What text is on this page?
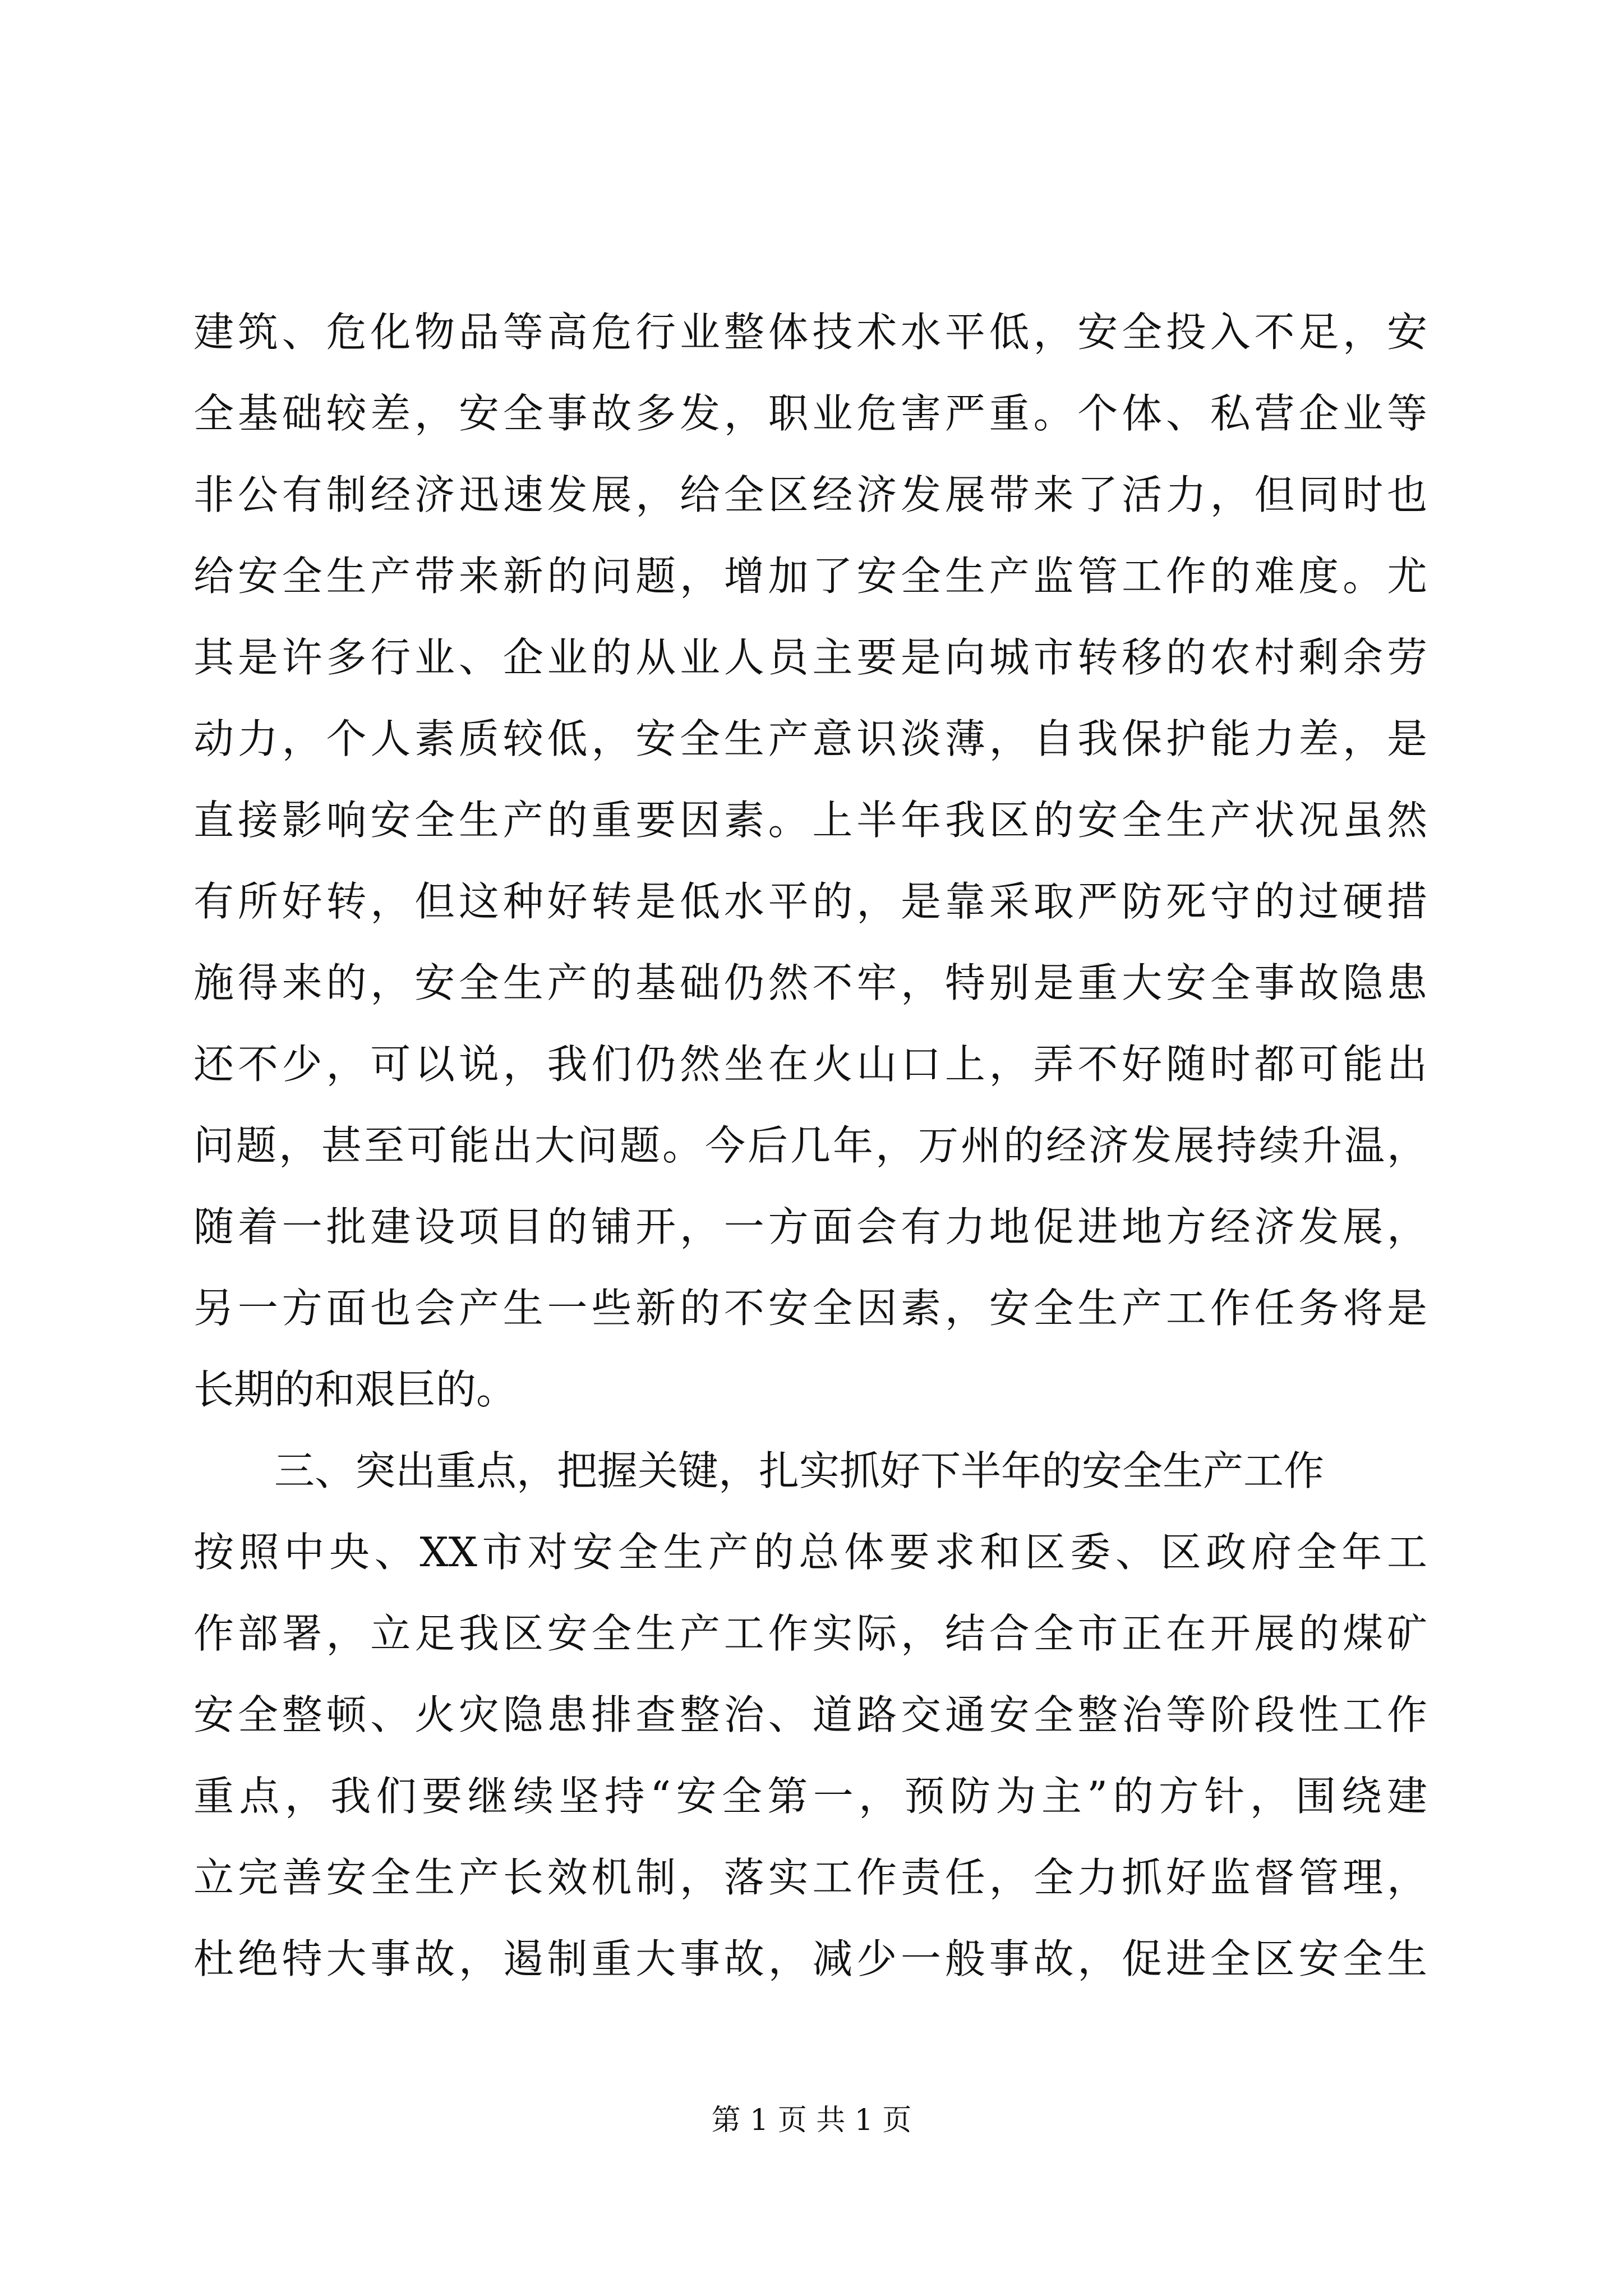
建筑、危化物品等高危行业整体技术水平低，安全投入不足，安
全基础较差，安全事故多发，职业危害严重。个体、私营企业等
非公有制经济迅速发展，给全区经济发展带来了活力，但同时也
给安全生产带来新的问题，增加了安全生产监管工作的难度。尤
其是许多行业、企业的从业人员主要是向城市转移的农村剩余劳
动力，个人素质较低，安全生产意识淡薄，自我保护能力差，是
直接影响安全生产的重要因素。上半年我区的安全生产状况虽然
有所好转，但这种好转是低水平的，是靠采取严防死守的过硬措
施得来的，安全生产的基础仍然不牢，特别是重大安全事故隐患
还不少，可以说，我们仍然坐在火山口上，弄不好随时都可能出
问题，甚至可能出大问题。今后几年，万州的经济发展持续升温，
随着一批建设项目的铺开，一方面会有力地促进地方经济发展，
另一方面也会产生一些新的不安全因素，安全生产工作任务将是
长期的和艰巨的。
三、突出重点，把握关键，扎实抓好下半年的安全生产工作
按照中央、XX市对安全生产的总体要求和区委、区政府全年工
作部署，立足我区安全生产工作实际，结合全市正在开展的煤矿
安全整顿、火灾隐患排查整治、道路交通安全整治等阶段性工作
重点，我们要继续坚持“安全第一，预防为主”的方针，围绕建
立完善安全生产长效机制，落实工作责任，全力抓好监督管理，
杜绝特大事故，遏制重大事故，减少一般事故，促进全区安全生
第 1 页 共 1 页
